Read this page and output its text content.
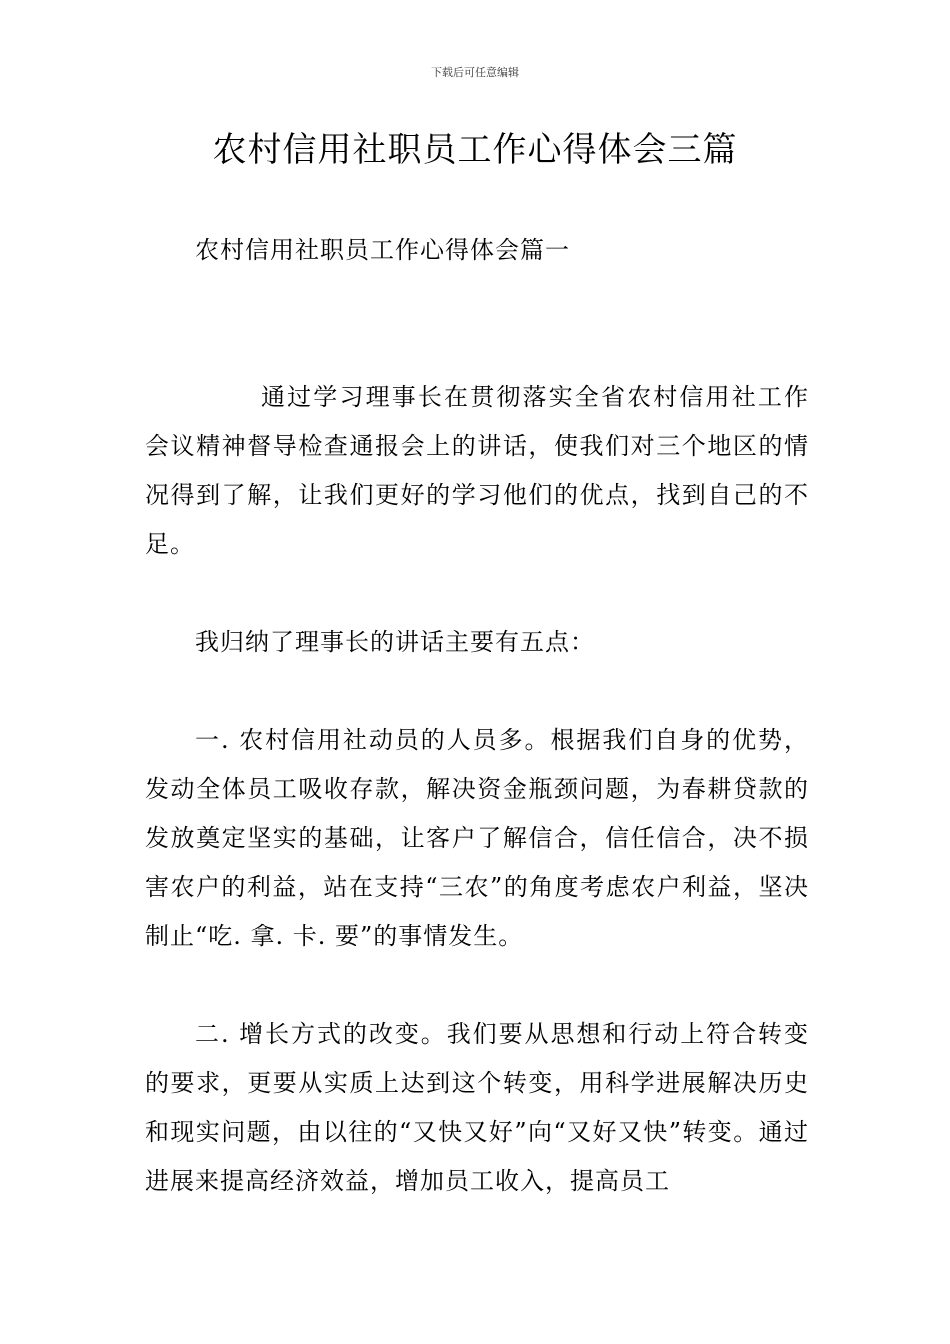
下载后可任意编辑
农村信用社职员工作心得体会三篇

农村信用社职员工作心得体会篇一

通过学习理事长在贯彻落实全省农村信用社工作会议精神督导检查通报会上的讲话，使我们对三个地区的情况得到了解，让我们更好的学习他们的优点，找到自己的不足。

我归纳了理事长的讲话主要有五点：

一. 农村信用社动员的人员多。根据我们自身的优势，发动全体员工吸收存款，解决资金瓶颈问题，为春耕贷款的发放奠定坚实的基础，让客户了解信合，信任信合，决不损害农户的利益，站在支持“三农”的角度考虑农户利益，坚决制止“吃. 拿. 卡. 要”的事情发生。

二. 增长方式的改变。我们要从思想和行动上符合转变的要求，更要从实质上达到这个转变，用科学进展解决历史和现实问题，由以往的“又快又好”向“又好又快”转变。通过进展来提高经济效益，增加员工收入，提高员工
